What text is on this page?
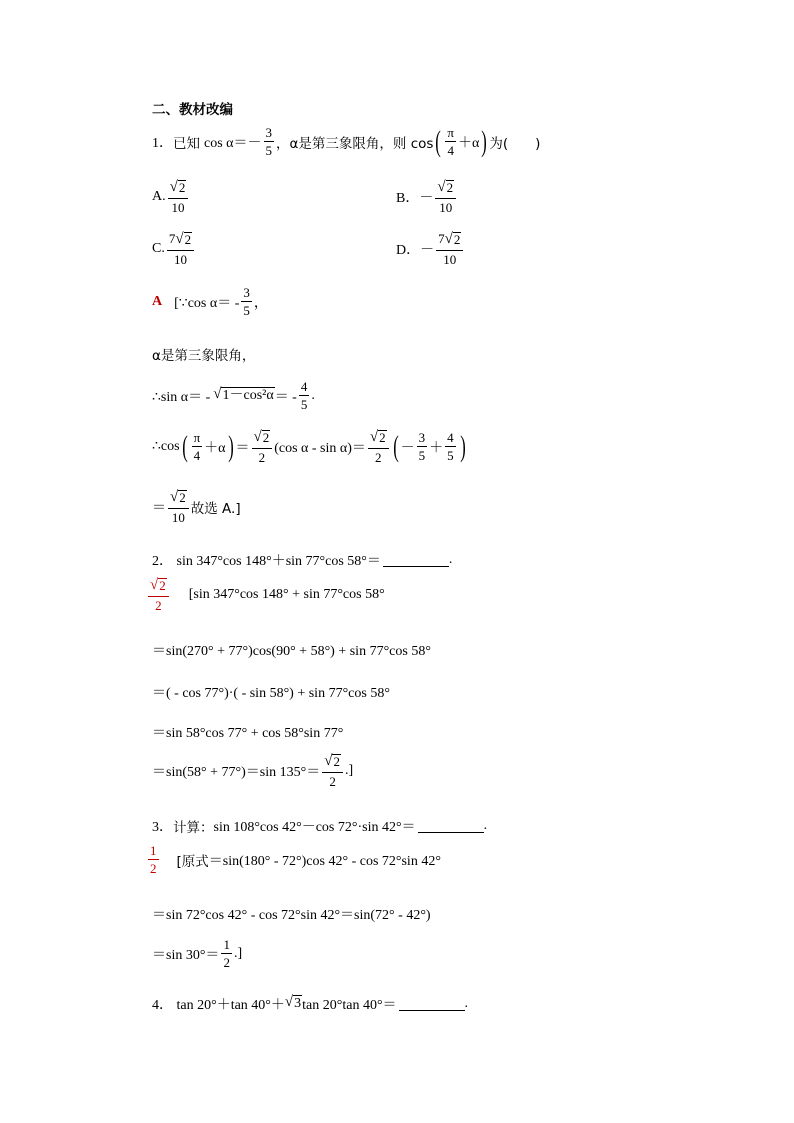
二、教材改编
1． 已知 $\cos \alpha=- \frac{3}{5}$ ，α是第三象限角，则 cos ( $\frac{\pi}{4} +\alpha$ ) 为(　　)
A. $\frac{√ 2}{10}$	B．－ $\frac{√ 2}{10}$
C. $\frac{7 √ 2}{10}$	D．－ $\frac{7 √ 2}{10}$
A [∵cos $\alpha= - \frac{3}{5}$ ，
α是第三象限角，
∴sin α＝ - √ 1－cos²α ＝ - $\frac{4}{5}$ .
∴cos ( $\frac{\pi}{4} +\alpha$ ) ＝ $\frac{√ 2}{2} (\cos$ $\alpha - \sin \alpha)= \frac{√ 2}{2}$ ( － $\frac{3}{5} + \frac{4}{5}$ )
＝ $\frac{√ 2}{10}$ 故选 A.]
2． sin 347°cos 148°＋sin 77°cos 58°＝	.
$\frac{√ 2}{2} [\sin$ 347°cos 148° + sin 77°cos 58°
＝sin(270° + 77°)cos(90° + 58°) + sin 77°cos 58°
＝( - cos 77°)·( - sin 58°) + sin 77°cos 58°
＝sin 58°cos 77° + cos 58°sin 77°
＝sin(58° + 77°)＝sin $135^\circ= \frac{√ 2}{2}$ .]
3． 计算： sin 108°cos 42°－cos 72°·sin 42°＝	.
$\frac{1}{2}$ [原式 ＝sin(180° - 72°)cos 42° - cos 72°sin 42°
＝sin 72°cos 42° - cos 72°sin 42°＝sin(72° - 42°)
＝sin $30^\circ= \frac{1}{2}$ .]
4． tan 20°＋tan 40°＋ √ 3 tan 20°tan 40°＝	.
